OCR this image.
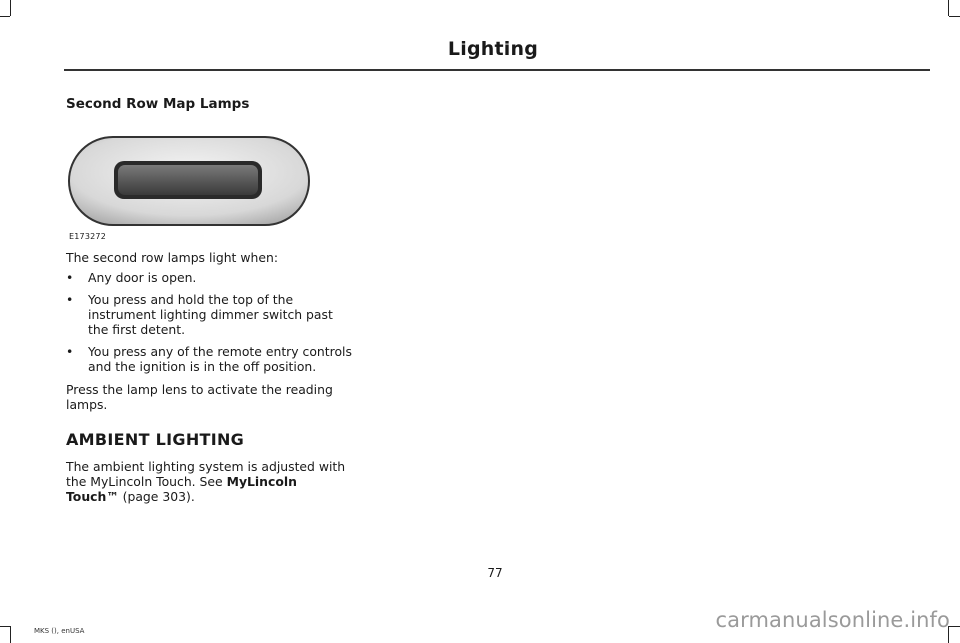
Lighting
Second Row Map Lamps
E173272
The second row lamps light when:
• Any door is open.
• You press and hold the top of the instrument lighting dimmer switch past the first detent.
• You press any of the remote entry controls and the ignition is in the off position.
Press the lamp lens to activate the reading lamps.
AMBIENT LIGHTING
The ambient lighting system is adjusted with the MyLincoln Touch. See MyLincoln Touch™ (page 303).
77
MKS (), enUSA	carmanualsonline.info
